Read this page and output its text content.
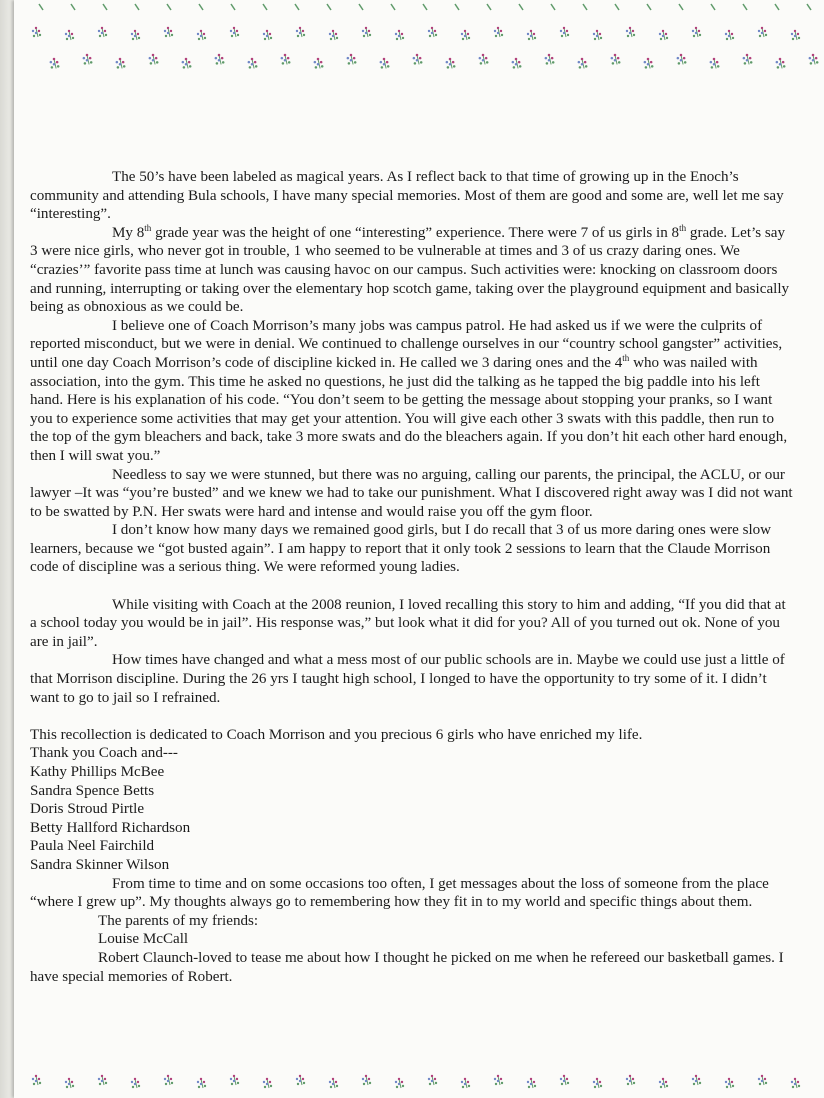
The 50’s have been labeled as magical years. As I reflect back to that time of growing up in the Enoch’s community and attending Bula schools, I have many special memories. Most of them are good and some are, well let me say “interesting”.

My 8th grade year was the height of one “interesting” experience. There were 7 of us girls in 8th grade. Let’s say 3 were nice girls, who never got in trouble, 1 who seemed to be vulnerable at times and 3 of us crazy daring ones. We “crazies’” favorite pass time at lunch was causing havoc on our campus. Such activities were: knocking on classroom doors and running, interrupting or taking over the elementary hop scotch game, taking over the playground equipment and basically being as obnoxious as we could be.

I believe one of Coach Morrison’s many jobs was campus patrol. He had asked us if we were the culprits of reported misconduct, but we were in denial. We continued to challenge ourselves in our “country school gangster” activities, until one day Coach Morrison’s code of discipline kicked in. He called we 3 daring ones and the 4th who was nailed with association, into the gym. This time he asked no questions, he just did the talking as he tapped the big paddle into his left hand. Here is his explanation of his code. “You don’t seem to be getting the message about stopping your pranks, so I want you to experience some activities that may get your attention. You will give each other 3 swats with this paddle, then run to the top of the gym bleachers and back, take 3 more swats and do the bleachers again. If you don’t hit each other hard enough, then I will swat you.”

Needless to say we were stunned, but there was no arguing, calling our parents, the principal, the ACLU, or our lawyer –It was “you’re busted” and we knew we had to take our punishment. What I discovered right away was I did not want to be swatted by P.N. Her swats were hard and intense and would raise you off the gym floor.

I don’t know how many days we remained good girls, but I do recall that 3 of us more daring ones were slow learners, because we “got busted again”. I am happy to report that it only took 2 sessions to learn that the Claude Morrison code of discipline was a serious thing. We were reformed young ladies.

While visiting with Coach at the 2008 reunion, I loved recalling this story to him and adding, “If you did that at a school today you would be in jail”. His response was,” but look what it did for you? All of you turned out ok. None of you are in jail”.

How times have changed and what a mess most of our public schools are in. Maybe we could use just a little of that Morrison discipline. During the 26 yrs I taught high school, I longed to have the opportunity to try some of it. I didn’t want to go to jail so I refrained.

This recollection is dedicated to Coach Morrison and you precious 6 girls who have enriched my life.

Thank you Coach and---

Kathy Phillips McBee
Sandra Spence Betts
Doris Stroud Pirtle
Betty Hallford Richardson
Paula Neel Fairchild
Sandra Skinner Wilson

From time to time and on some occasions too often, I get messages about the loss of someone from the place “where I grew up”. My thoughts always go to remembering how they fit in to my world and specific things about them.

The parents of my friends:
Louise McCall

Robert Claunch-loved to tease me about how I thought he picked on me when he refereed our basketball games. I have special memories of Robert.
